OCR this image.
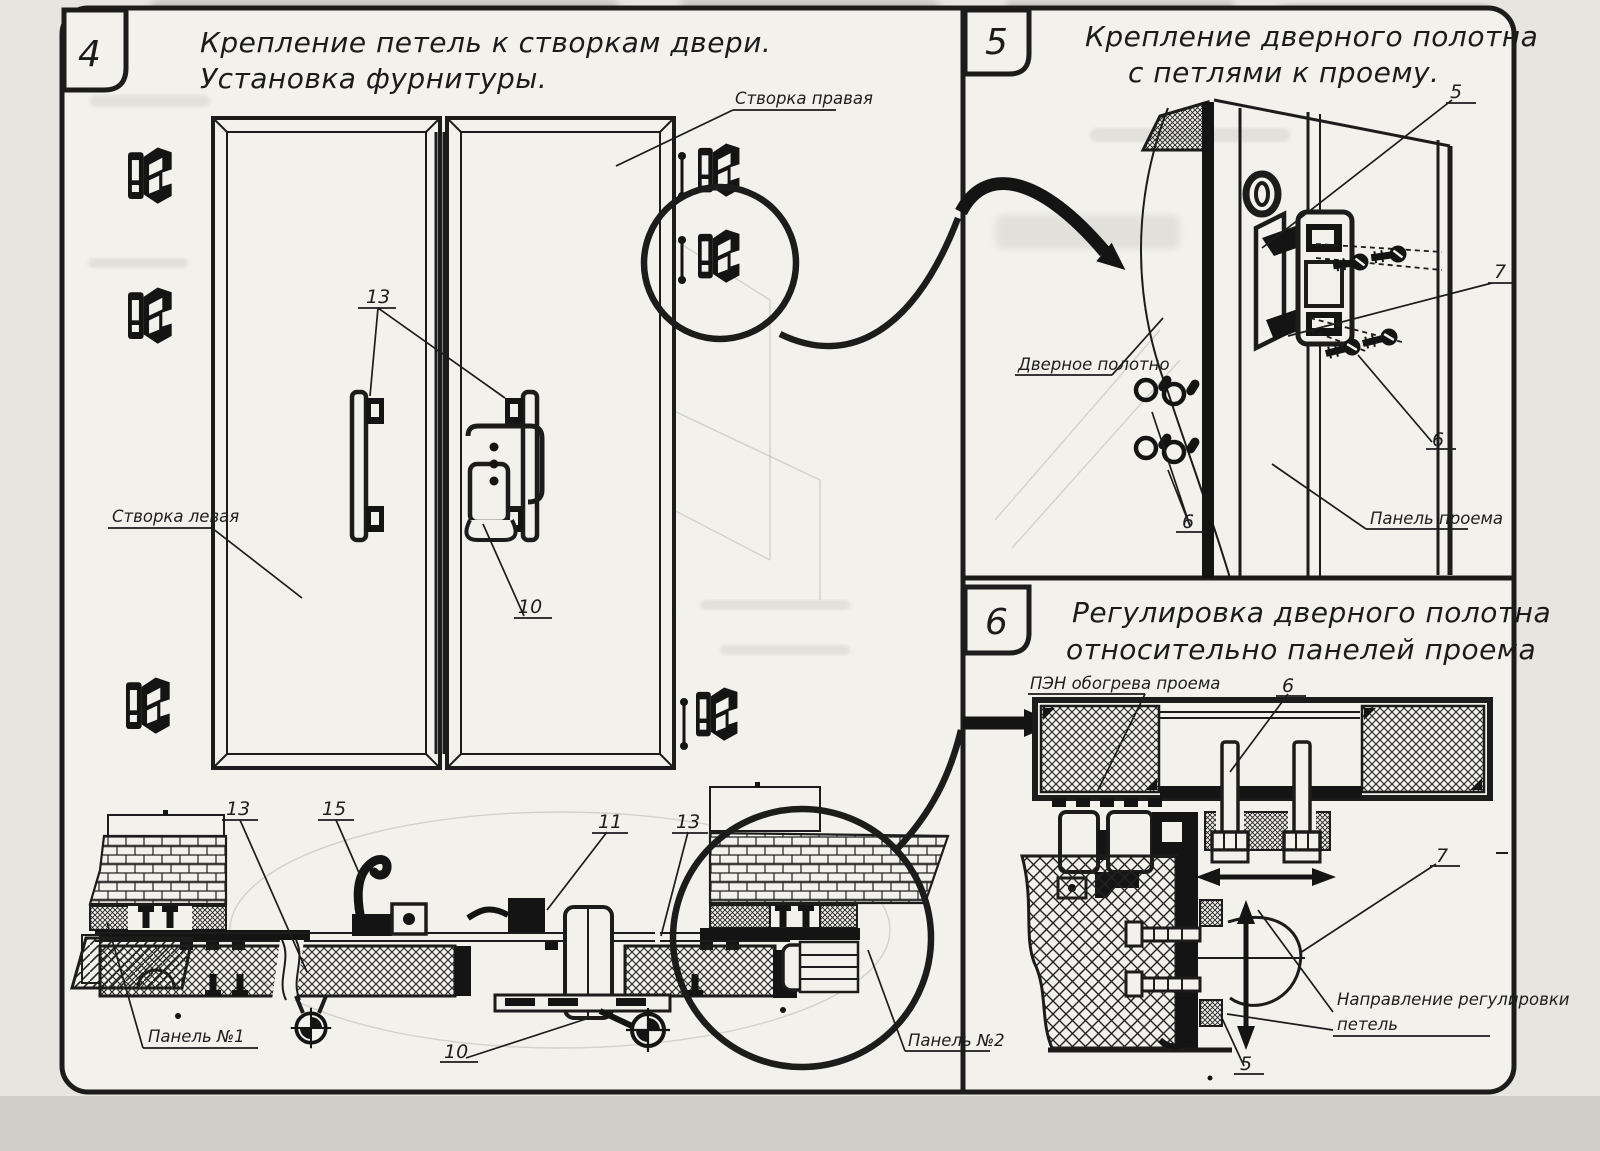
4	Крепление петель к створкам двери.
Установка фурнитуры.
Створка правая
Створка левая
13
10
13	15
11	13
10
Панель №1	Панель №2
5	Крепление дверного полотна
с петлями к проему.
5
7
6
6
Дверное полотно
Панель проема
6 Регулировка дверного полотна
относительно панелей проема
ПЭН обогрева проема	6
7
5
Направление регулировки
петель
